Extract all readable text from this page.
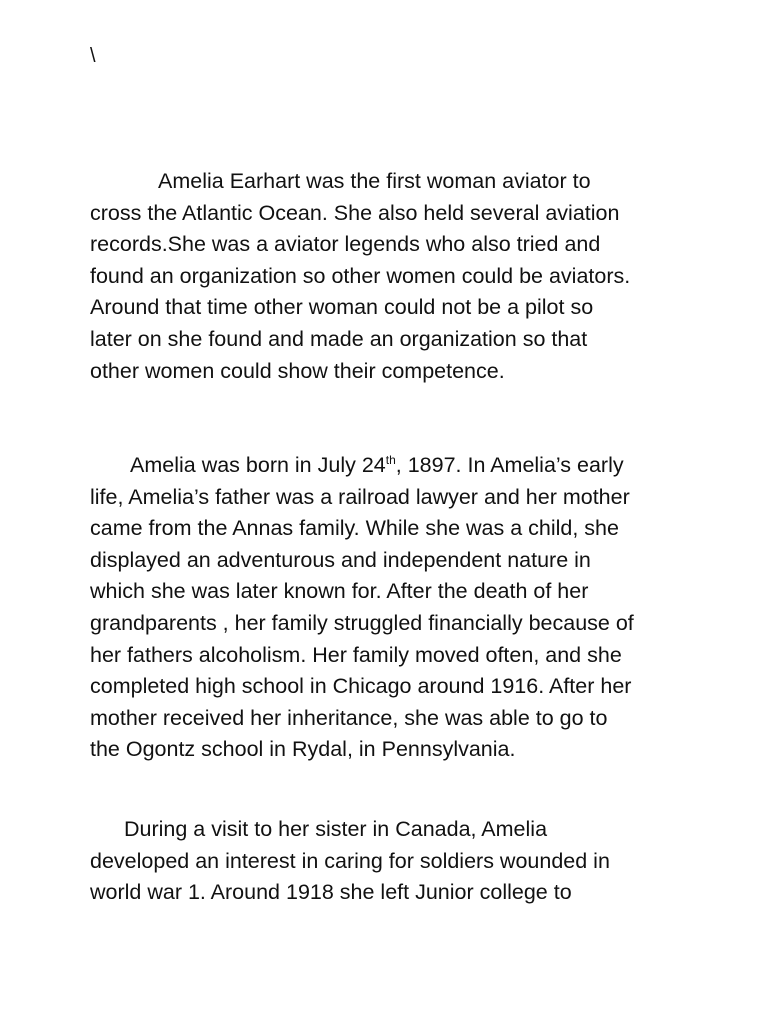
\

Amelia Earhart was the first woman aviator to
cross the Atlantic Ocean. She also held several aviation
records.She was a aviator legends who also tried and
found an organization so other women could be aviators.
Around that time other woman could not be a pilot so
later on she found and made an organization so that
other women could show their competence.

Amelia was born in July 24th, 1897. In Amelia’s early
life, Amelia’s father was a railroad lawyer and her mother
came from the Annas family. While she was a child, she
displayed an adventurous and independent nature in
which she was later known for. After the death of her
grandparents , her family struggled financially because of
her fathers alcoholism. Her family moved often, and she
completed high school in Chicago around 1916. After her
mother received her inheritance, she was able to go to
the Ogontz school in Rydal, in Pennsylvania.

During a visit to her sister in Canada, Amelia
developed an interest in caring for soldiers wounded in
world war 1. Around 1918 she left Junior college to
